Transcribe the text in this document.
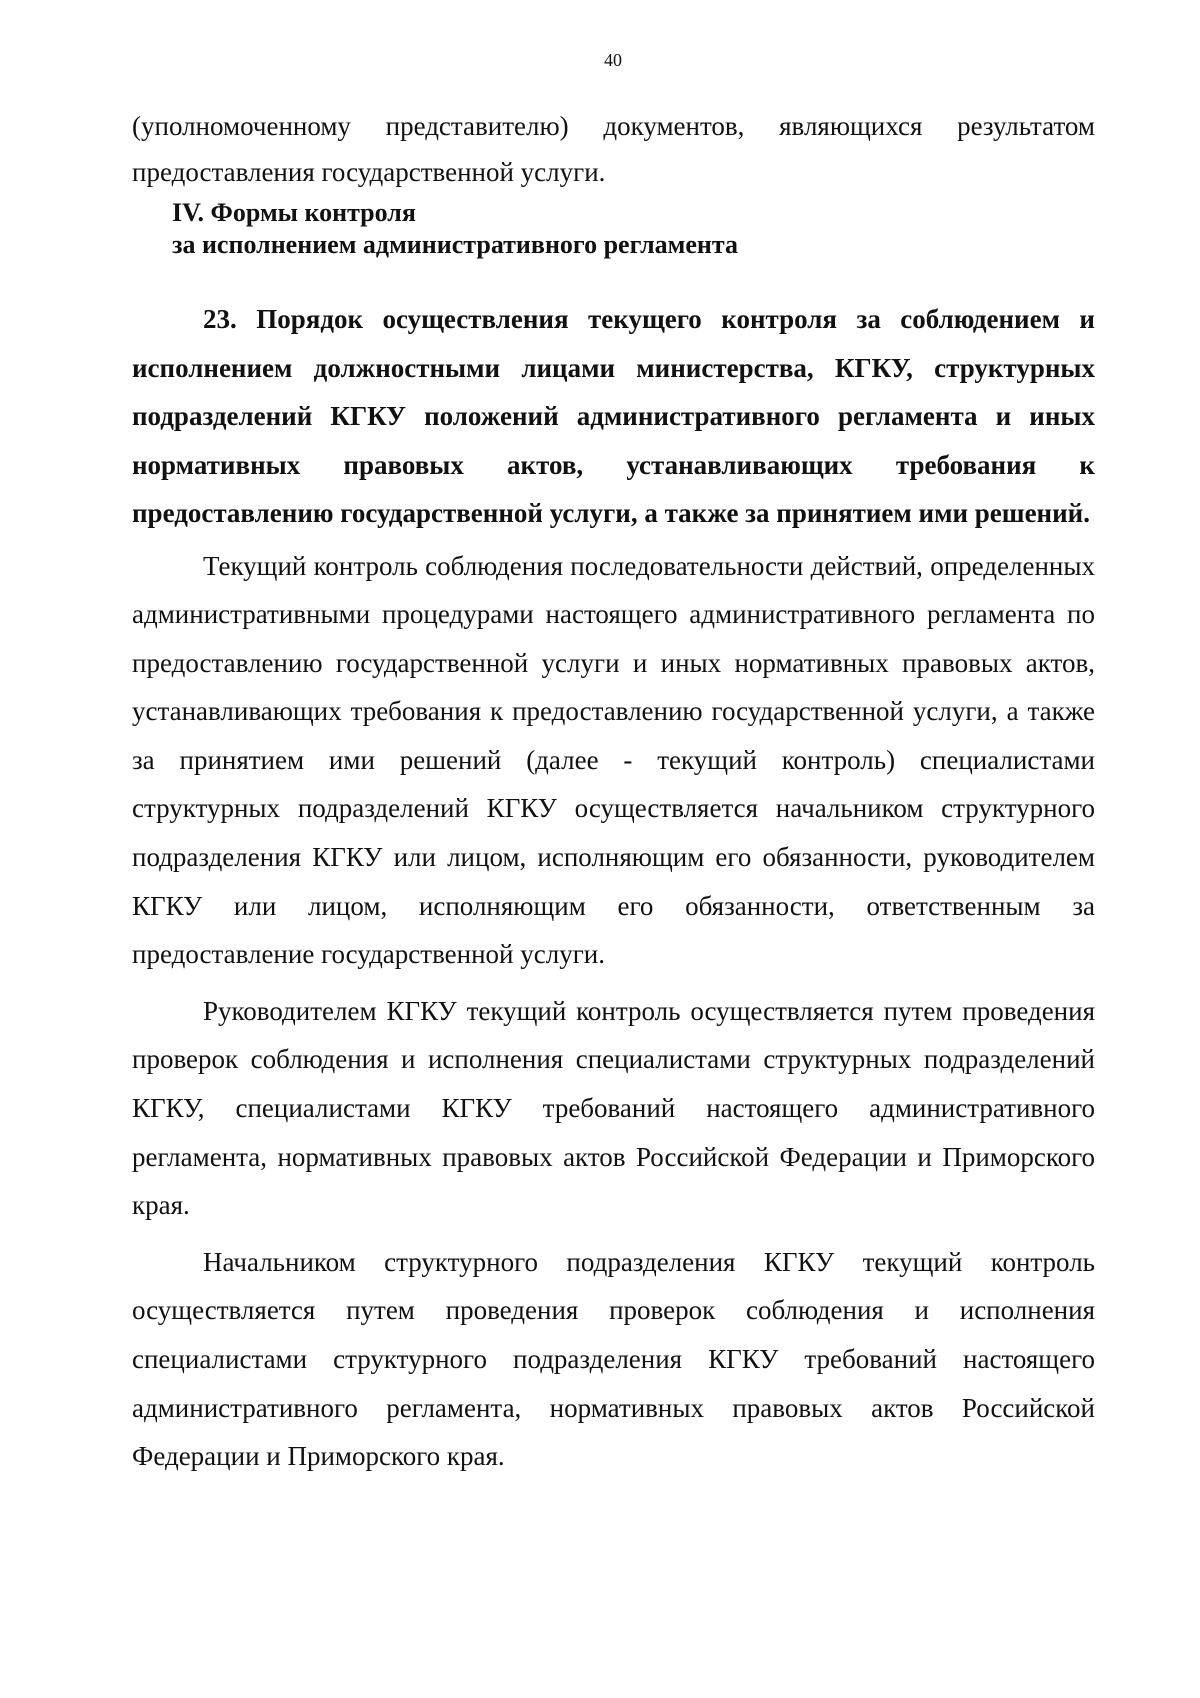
40

(уполномоченному представителю) документов, являющихся результатом предоставления государственной услуги.

IV. Формы контроля
за исполнением административного регламента

23. Порядок осуществления текущего контроля за соблюдением и исполнением должностными лицами министерства, КГКУ, структурных подразделений КГКУ положений административного регламента и иных нормативных правовых актов, устанавливающих требования к предоставлению государственной услуги, а также за принятием ими решений.

Текущий контроль соблюдения последовательности действий, определенных административными процедурами настоящего административного регламента по предоставлению государственной услуги и иных нормативных правовых актов, устанавливающих требования к предоставлению государственной услуги, а также за принятием ими решений (далее - текущий контроль) специалистами структурных подразделений КГКУ осуществляется начальником структурного подразделения КГКУ или лицом, исполняющим его обязанности, руководителем КГКУ или лицом, исполняющим его обязанности, ответственным за предоставление государственной услуги.

Руководителем КГКУ текущий контроль осуществляется путем проведения проверок соблюдения и исполнения специалистами структурных подразделений КГКУ, специалистами КГКУ требований настоящего административного регламента, нормативных правовых актов Российской Федерации и Приморского края.

Начальником структурного подразделения КГКУ текущий контроль осуществляется путем проведения проверок соблюдения и исполнения специалистами структурного подразделения КГКУ требований настоящего административного регламента, нормативных правовых актов Российской Федерации и Приморского края.
